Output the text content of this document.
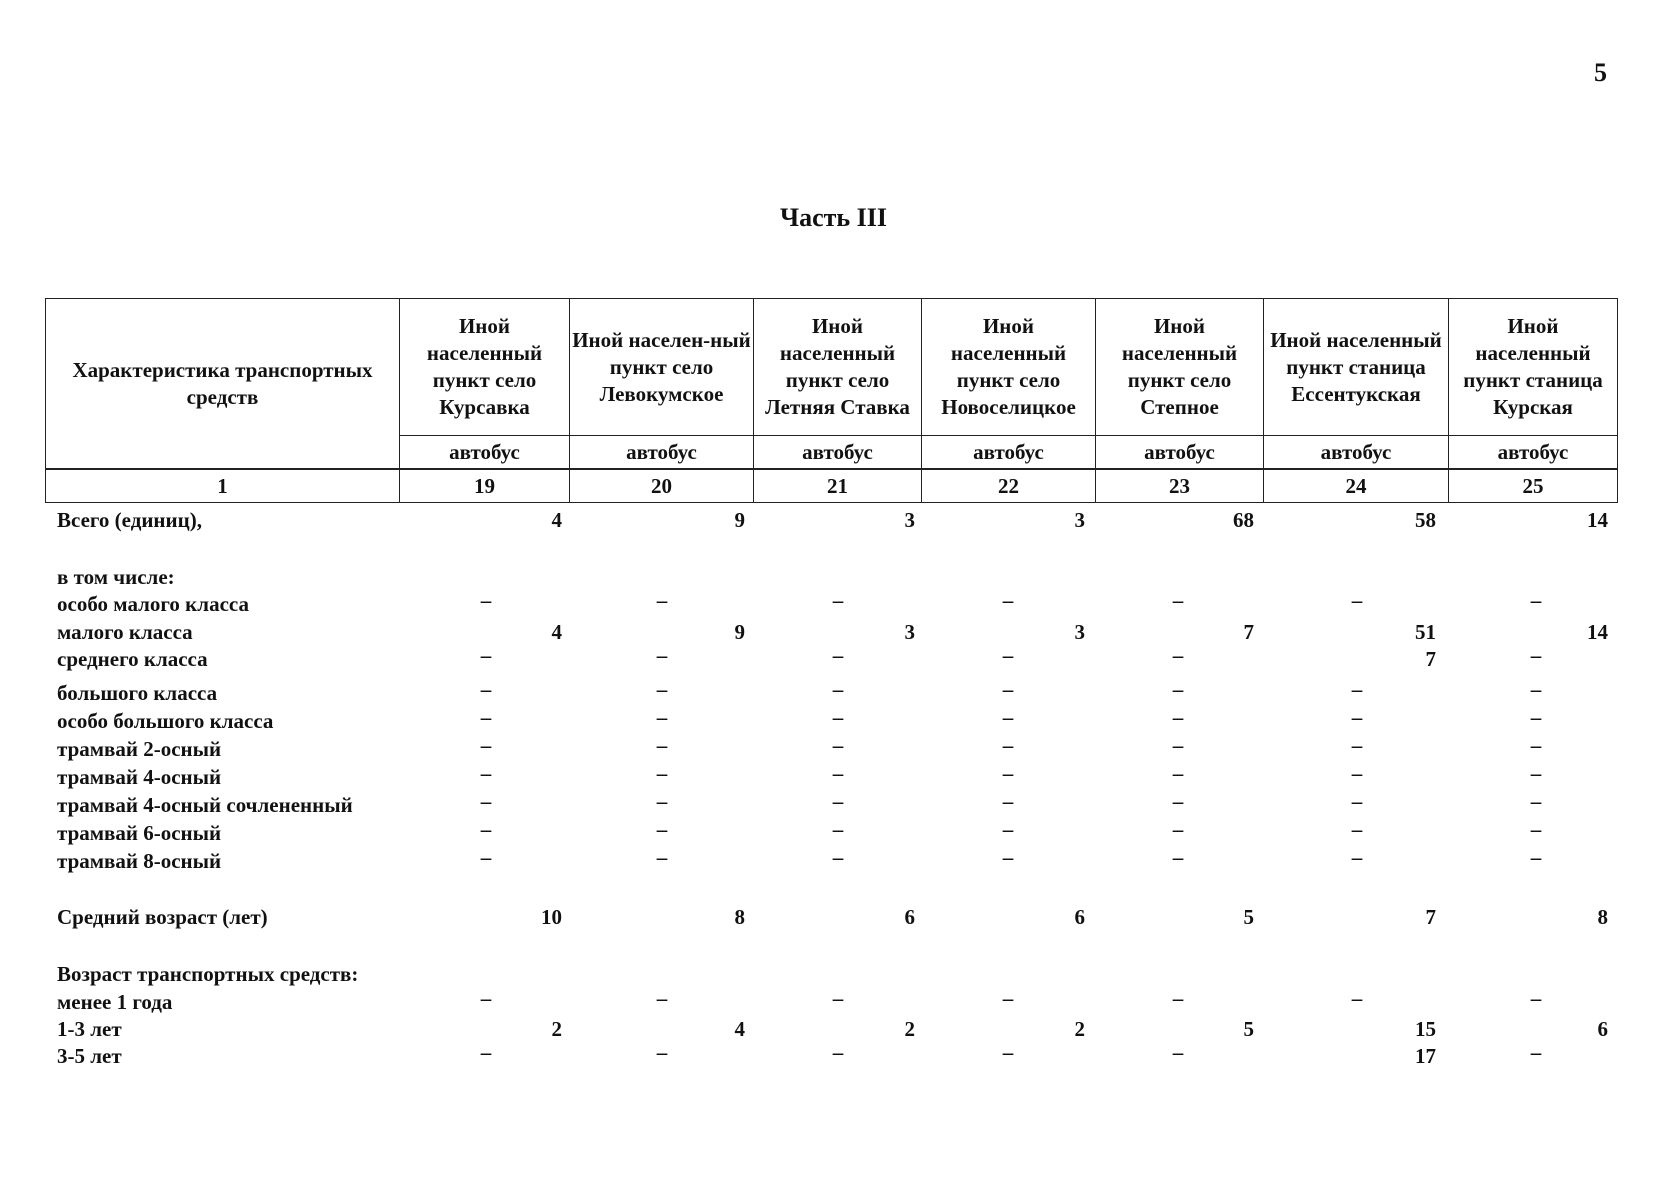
5
Часть III
Характеристика транспортных средств	Иной населенный пункт село Курсавка	Иной населен-ный пункт село Левокумское	Иной населенный пункт село Летняя Ставка	Иной населенный пункт село Новоселицкое	Иной населенный пункт село Степное	Иной населенный пункт станица Ессентукская	Иной населенный пункт станица Курская
	автобус	автобус	автобус	автобус	автобус	автобус	автобус
1	19	20	21	22	23	24	25
Всего (единиц),	4	9	3	3	68	58	14
в том числе:
особо малого класса	–	–	–	–	–	–	–
малого класса	4	9	3	3	7	51	14
среднего класса	–	–	–	–	–	7	–
большого класса	–	–	–	–	–	–	–
особо большого класса	–	–	–	–	–	–	–
трамвай 2-осный	–	–	–	–	–	–	–
трамвай 4-осный	–	–	–	–	–	–	–
трамвай 4-осный сочлененный	–	–	–	–	–	–	–
трамвай 6-осный	–	–	–	–	–	–	–
трамвай 8-осный	–	–	–	–	–	–	–
Средний возраст (лет)	10	8	6	6	5	7	8
Возраст транспортных средств:
менее 1 года	–	–	–	–	–	–	–
1-3 лет	2	4	2	2	5	15	6
3-5 лет	–	–	–	–	–	17	–
